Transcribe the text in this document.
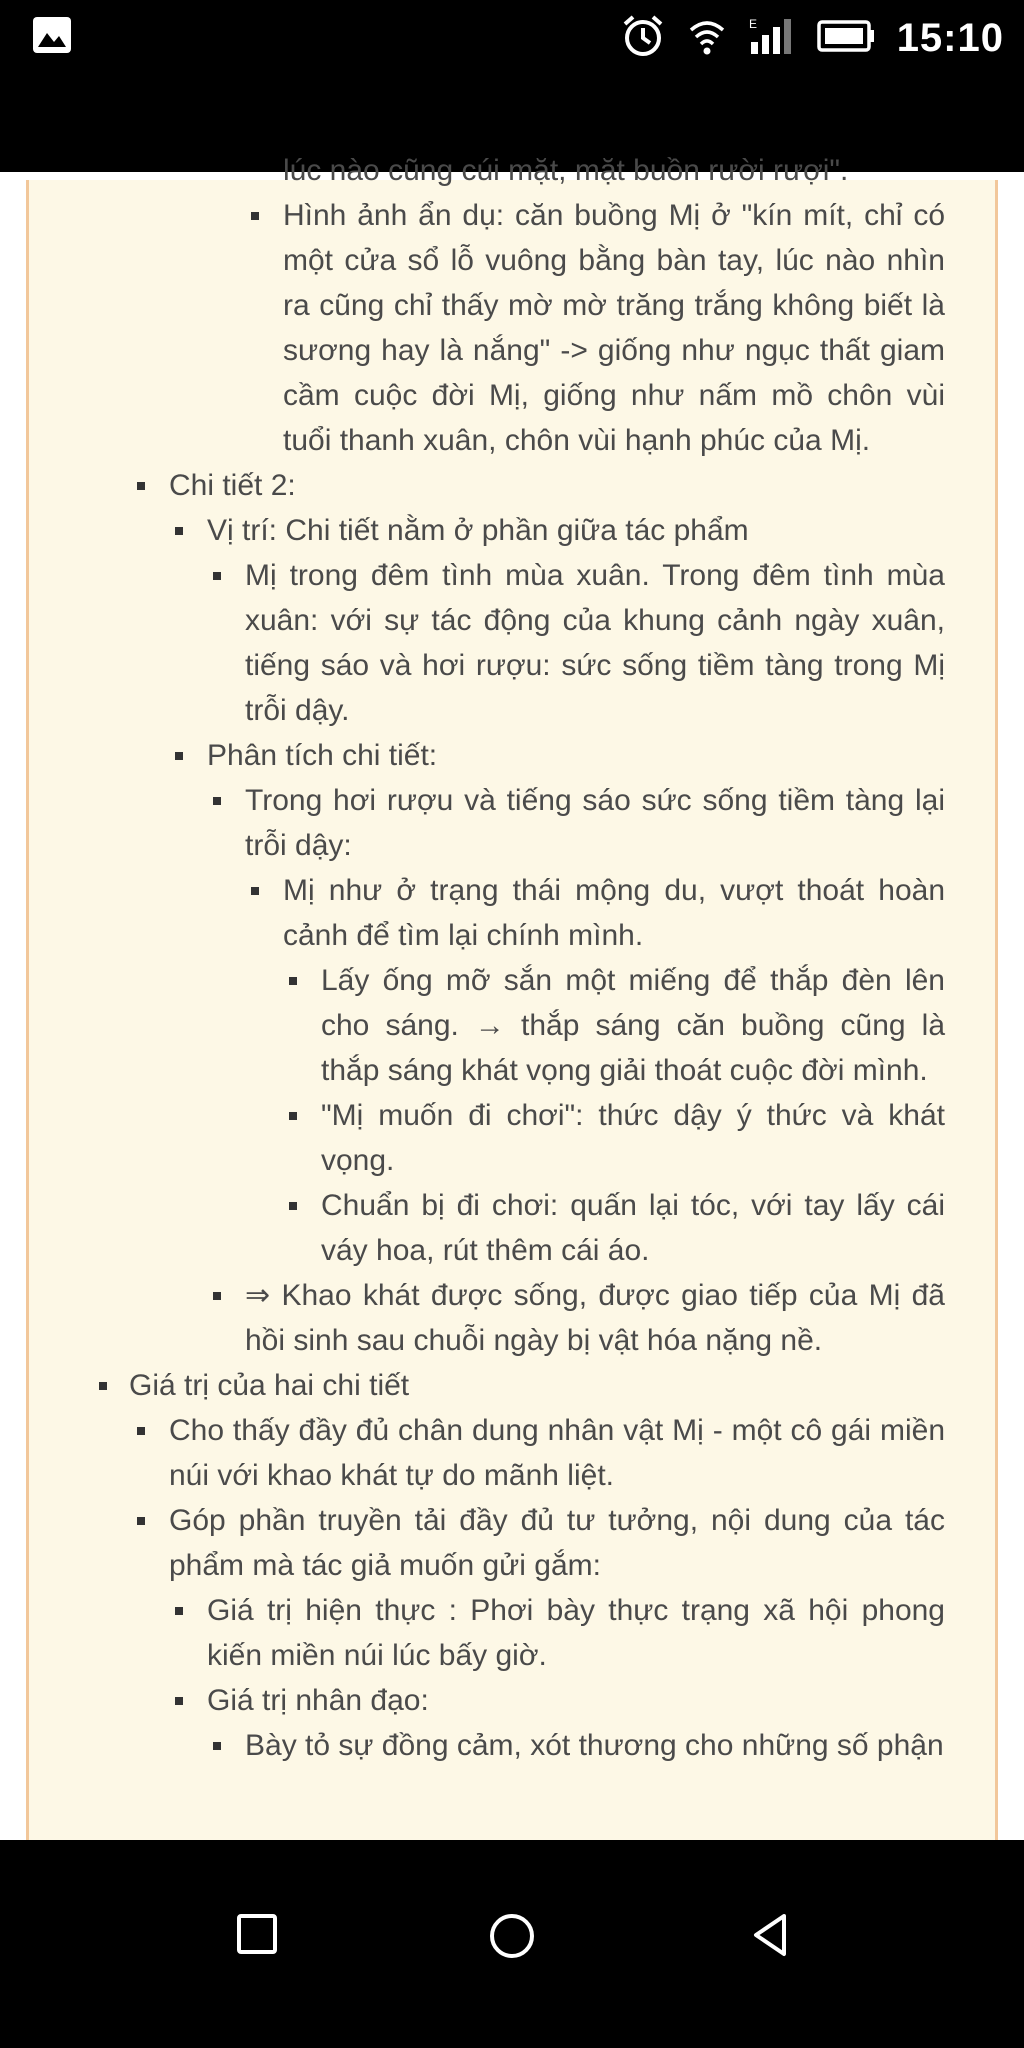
E	15:10
lúc nào cũng cúi mặt, mặt buồn rười rượi".
Hình ảnh ẩn dụ: căn buồng Mị ở "kín mít, chỉ có một cửa sổ lỗ vuông bằng bàn tay, lúc nào nhìn ra cũng chỉ thấy mờ mờ trăng trắng không biết là sương hay là nắng" -> giống như ngục thất giam cầm cuộc đời Mị, giống như nấm mồ chôn vùi tuổi thanh xuân, chôn vùi hạnh phúc của Mị.
Chi tiết 2:
Vị trí: Chi tiết nằm ở phần giữa tác phẩm
Mị trong đêm tình mùa xuân. Trong đêm tình mùa xuân: với sự tác động của khung cảnh ngày xuân, tiếng sáo và hơi rượu: sức sống tiềm tàng trong Mị trỗi dậy.
Phân tích chi tiết:
Trong hơi rượu và tiếng sáo sức sống tiềm tàng lại trỗi dậy:
Mị như ở trạng thái mộng du, vượt thoát hoàn cảnh để tìm lại chính mình.
Lấy ống mỡ sắn một miếng để thắp đèn lên cho sáng. → thắp sáng căn buồng cũng là thắp sáng khát vọng giải thoát cuộc đời mình.
"Mị muốn đi chơi": thức dậy ý thức và khát vọng.
Chuẩn bị đi chơi: quấn lại tóc, với tay lấy cái váy hoa, rút thêm cái áo.
⇒ Khao khát được sống, được giao tiếp của Mị đã hồi sinh sau chuỗi ngày bị vật hóa nặng nề.
Giá trị của hai chi tiết
Cho thấy đầy đủ chân dung nhân vật Mị - một cô gái miền núi với khao khát tự do mãnh liệt.
Góp phần truyền tải đầy đủ tư tưởng, nội dung của tác phẩm mà tác giả muốn gửi gắm:
Giá trị hiện thực : Phơi bày thực trạng xã hội phong kiến miền núi lúc bấy giờ.
Giá trị nhân đạo:
Bày tỏ sự đồng cảm, xót thương cho những số phận
